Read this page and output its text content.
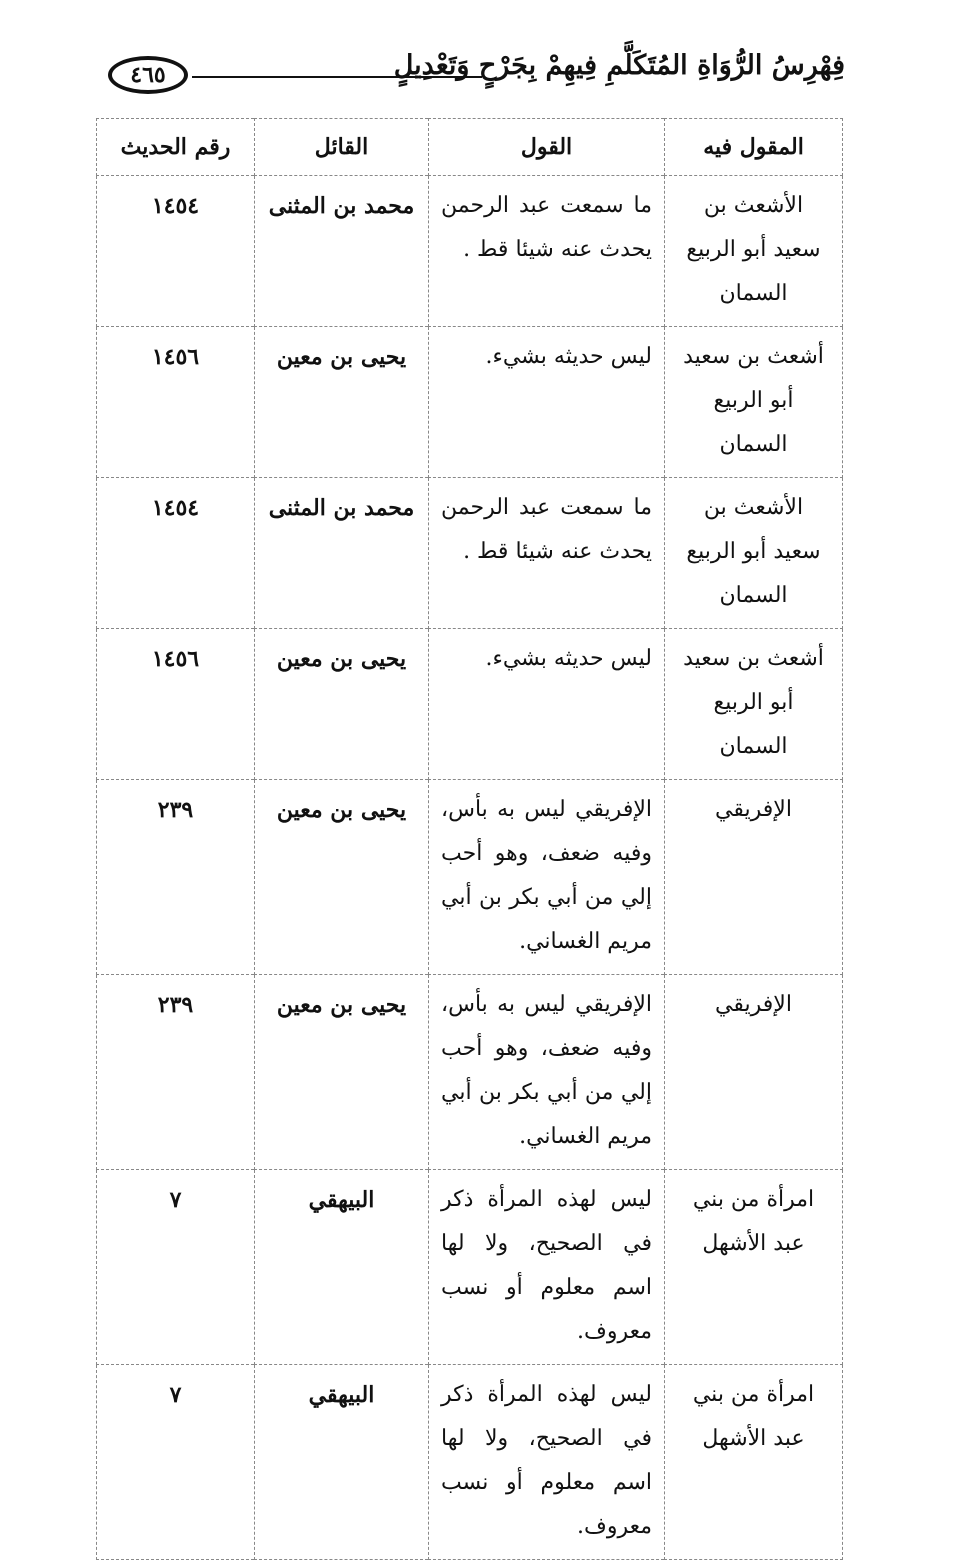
فِهْرِسُ الرُّوَاةِ المُتَكَلَّمِ فِيهِمْ بِجَرْحٍ وَتَعْدِيلٍ
٤٦٥
المقول فيه	القول	القائل	رقم الحديث
الأشعث بن سعيد أبو الربيع السمان	ما سمعت عبد الرحمن يحدث عنه شيئا قط .	محمد بن المثنى	١٤٥٤
أشعث بن سعيد أبو الربيع السمان	ليس حديثه بشيء.	يحيى بن معين	١٤٥٦
الأشعث بن سعيد أبو الربيع السمان	ما سمعت عبد الرحمن يحدث عنه شيئا قط .	محمد بن المثنى	١٤٥٤
أشعث بن سعيد أبو الربيع السمان	ليس حديثه بشيء.	يحيى بن معين	١٤٥٦
الإفريقي	الإفريقي ليس به بأس، وفيه ضعف، وهو أحب إلي من أبي بكر بن أبي مريم الغساني.	يحيى بن معين	٢٣٩
الإفريقي	الإفريقي ليس به بأس، وفيه ضعف، وهو أحب إلي من أبي بكر بن أبي مريم الغساني.	يحيى بن معين	٢٣٩
امرأة من بني عبد الأشهل	ليس لهذه المرأة ذكر في الصحيح، ولا لها اسم معلوم أو نسب معروف.	البيهقي	٧
امرأة من بني عبد الأشهل	ليس لهذه المرأة ذكر في الصحيح، ولا لها اسم معلوم أو نسب معروف.	البيهقي	٧
